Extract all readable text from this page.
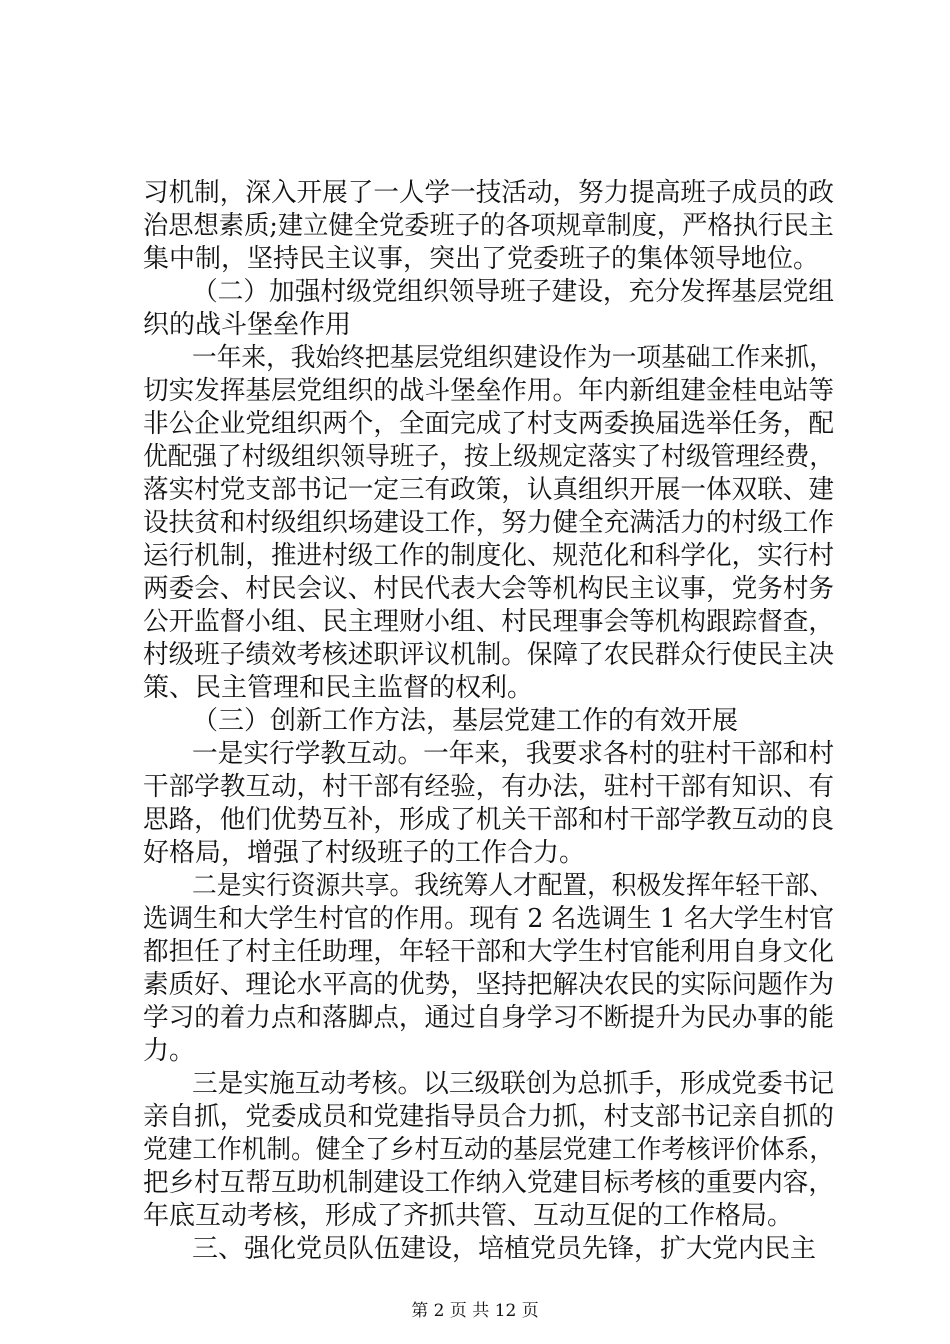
习机制，深入开展了一人学一技活动，努力提高班子成员的政
治思想素质;建立健全党委班子的各项规章制度，严格执行民主
集中制，坚持民主议事，突出了党委班子的集体领导地位。
（二）加强村级党组织领导班子建设，充分发挥基层党组
织的战斗堡垒作用
一年来，我始终把基层党组织建设作为一项基础工作来抓，
切实发挥基层党组织的战斗堡垒作用。年内新组建金桂电站等
非公企业党组织两个，全面完成了村支两委换届选举任务，配
优配强了村级组织领导班子，按上级规定落实了村级管理经费，
落实村党支部书记一定三有政策，认真组织开展一体双联、建
设扶贫和村级组织场建设工作，努力健全充满活力的村级工作
运行机制，推进村级工作的制度化、规范化和科学化，实行村
两委会、村民会议、村民代表大会等机构民主议事，党务村务
公开监督小组、民主理财小组、村民理事会等机构跟踪督查，
村级班子绩效考核述职评议机制。保障了农民群众行使民主决
策、民主管理和民主监督的权利。
（三）创新工作方法，基层党建工作的有效开展
一是实行学教互动。一年来，我要求各村的驻村干部和村
干部学教互动，村干部有经验，有办法，驻村干部有知识、有
思路，他们优势互补，形成了机关干部和村干部学教互动的良
好格局，增强了村级班子的工作合力。
二是实行资源共享。我统筹人才配置，积极发挥年轻干部、
选调生和大学生村官的作用。现有 2 名选调生 1 名大学生村官
都担任了村主任助理，年轻干部和大学生村官能利用自身文化
素质好、理论水平高的优势，坚持把解决农民的实际问题作为
学习的着力点和落脚点，通过自身学习不断提升为民办事的能
力。
三是实施互动考核。以三级联创为总抓手，形成党委书记
亲自抓，党委成员和党建指导员合力抓，村支部书记亲自抓的
党建工作机制。健全了乡村互动的基层党建工作考核评价体系，
把乡村互帮互助机制建设工作纳入党建目标考核的重要内容，
年底互动考核，形成了齐抓共管、互动互促的工作格局。
三、强化党员队伍建设，培植党员先锋，扩大党内民主
第 2 页 共 12 页
